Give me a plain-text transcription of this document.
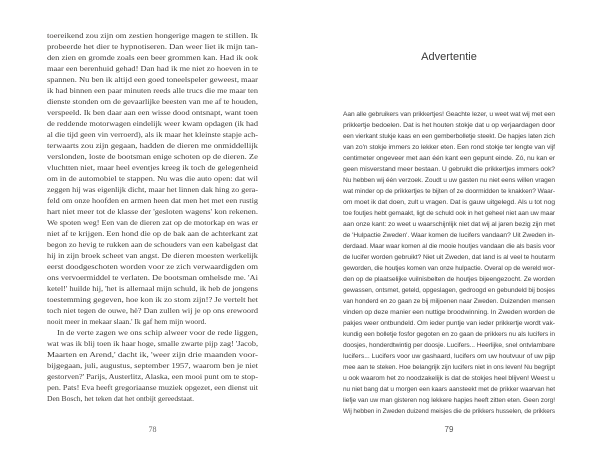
toereikend zou zijn om zestien hongerige magen te stillen. Ik
probeerde het dier te hypnotiseren. Dan weer liet ik mijn tan-
den zien en gromde zoals een beer grommen kan. Had ik ook
maar een berenhuid gehad! Dan had ik me niet zo hoeven in te
spannen. Nu ben ik altijd een goed toneelspeler geweest, maar
ik had binnen een paar minuten reeds alle trucs die me maar ten
dienste stonden om de gevaarlijke beesten van me af te houden,
verspeeld. Ik ben daar aan een wisse dood ontsnapt, want toen
de reddende motorwagen eindelijk weer kwam opdagen (ik had
al die tijd geen vin verroerd), als ik maar het kleinste stapje ach-
terwaarts zou zijn gegaan, hadden de dieren me onmiddellijk
verslonden, loste de bootsman enige schoten op de dieren. Ze
vluchtten niet, maar heel eventjes kreeg ik toch de gelegenheid
om in de automobiel te stappen. Nu was die auto open: dat wil
zeggen hij was eigenlijk dicht, maar het linnen dak hing zo gera-
feld om onze hoofden en armen heen dat men het met een rustig
hart niet meer tot de klasse der 'gesloten wagens' kon rekenen.
We spoten weg! Een van de dieren zat op de motorkap en was er
niet af te krijgen. Een hond die op de bak aan de achterkant zat
begon zo hevig te rukken aan de schouders van een kabelgast dat
hij in zijn broek scheet van angst. De dieren moesten werkelijk
eerst doodgeschoten worden voor ze zich verwaardigden om
ons vervoermiddel te verlaten. De bootsman omhelsde me. 'Ai
ketel!' huilde hij, 'het is allemaal mijn schuld, ik heb de jongens
toestemming gegeven, hoe kon ik zo stom zijn!? Je vertelt het
toch niet tegen de ouwe, hè? Dan zullen wij je op ons erewoord
nooit meer in mekaar slaan.' Ik gaf hem mijn woord.
In de verte zagen we ons schip alweer voor de rede liggen,
wat was ik blij toen ik haar hoge, smalle zwarte pijp zag! 'Jacob,
Maarten en Arend,' dacht ik, 'weer zijn drie maanden voor-
bijgegaan, juli, augustus, september 1957, waarom ben je niet
gestorven?' Parijs, Austerlitz, Alaska, een mooi punt om te stop-
pen. Pats! Eva heeft gregoriaanse muziek opgezet, een dienst uit
Den Bosch, het teken dat het ontbijt gereedstaat.
78
Advertentie
Aan alle gebruikers van prikkertjes! Geachte lezer, u weet wat wij met een
prikkertje bedoelen. Dat is het houten stokje dat u op verjaardagen door
een vierkant stukje kaas en een gemberbolletje steekt. De hapjes laten zich
van zo'n stokje immers zo lekker eten. Een rond stokje ter lengte van vijf
centimeter ongeveer met aan één kant een gepunt einde. Zó, nu kan er
geen misverstand meer bestaan. U gebruikt die prikkertjes immers ook?
Nu hebben wij één verzoek. Zoudt u uw gasten nu niet eens willen vragen
wat minder op de prikkertjes te bijten of ze doormidden te knakken? Waar-
om moet ik dat doen, zult u vragen. Dat is gauw uitgelegd. Als u tot nog
toe foutjes hebt gemaakt, ligt de schuld ook in het geheel niet aan uw maar
aan onze kant: zo weet u waarschijnlijk niet dat wij al jaren bezig zijn met
de 'Hulpactie Zweden'. Waar komen de lucifers vandaan? Uit Zweden in-
derdaad. Maar waar komen al die mooie houtjes vandaan die als basis voor
de lucifer worden gebruikt? Niet uit Zweden, dat land is al veel te houtarm
geworden, die houtjes komen van onze hulpactie. Overal op de wereld wor-
den op de plaatselijke vuilnisbelten de houtjes bijeengezocht. Ze worden
gewassen, ontsmet, geteld, opgeslagen, gedroogd en gebundeld bij bosjes
van honderd en zo gaan ze bij miljoenen naar Zweden. Duizenden mensen
vinden op deze manier een nuttige broodwinning. In Zweden worden de
pakjes weer ontbundeld. Om ieder puntje van ieder prikkertje wordt vak-
kundig een bolletje fosfor gegoten en zo gaan de prikkers nu als lucifers in
doosjes, honderdtwintig per doosje. Lucifers... Heerlijke, snel ontvlambare
lucifers... Lucifers voor uw gashaard, lucifers om uw houtvuur of uw pijp
mee aan te steken. Hoe belangrijk zijn lucifers niet in ons leven! Nu begrijpt
u ook waarom het zo noodzakelijk is dat de stokjes heel blijven! Weest u
nu niet bang dat u morgen een kaars aansteekt met de prikker waarvan het
liefje van uw man gisteren nog lekkere hapjes heeft zitten eten. Geen zorg!
Wij hebben in Zweden duizend meisjes die de prikkers husselen, de prikkers
79
